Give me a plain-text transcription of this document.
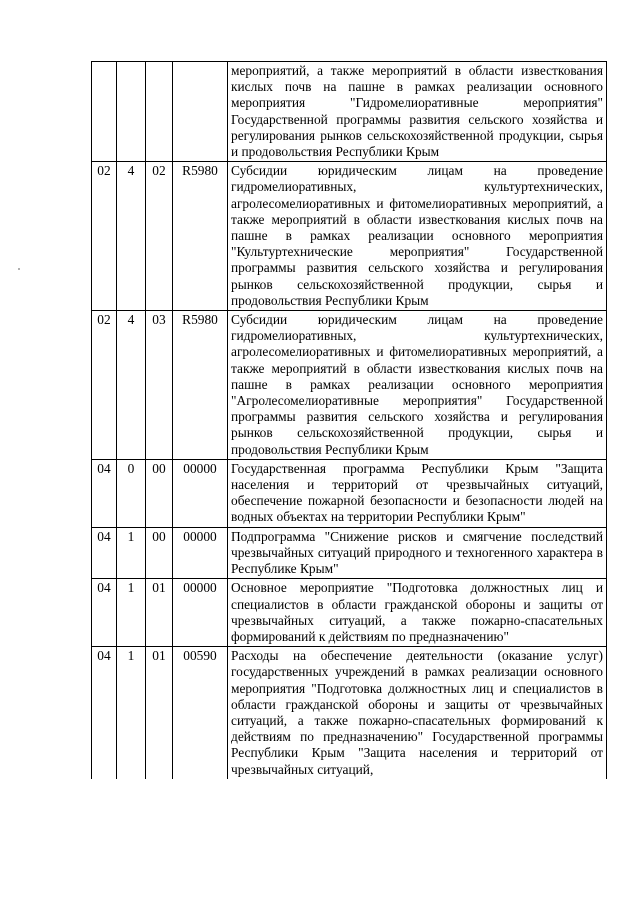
				мероприятий, а также мероприятий в области известкования кислых почв на пашне в рамках реализации основного мероприятия "Гидромелиоративные мероприятия" Государственной программы развития сельского хозяйства и регулирования рынков сельскохозяйственной продукции, сырья и продовольствия Республики Крым
02	4	02	R5980	Субсидии юридическим лицам на проведение гидромелиоративных, культуртехнических, агролесомелиоративных и фитомелиоративных мероприятий, а также мероприятий в области известкования кислых почв на пашне в рамках реализации основного мероприятия "Культуртехнические мероприятия" Государственной программы развития сельского хозяйства и регулирования рынков сельскохозяйственной продукции, сырья и продовольствия Республики Крым
02	4	03	R5980	Субсидии юридическим лицам на проведение гидромелиоративных, культуртехнических, агролесомелиоративных и фитомелиоративных мероприятий, а также мероприятий в области известкования кислых почв на пашне в рамках реализации основного мероприятия "Агролесомелиоративные мероприятия" Государственной программы развития сельского хозяйства и регулирования рынков сельскохозяйственной продукции, сырья и продовольствия Республики Крым
04	0	00	00000	Государственная программа Республики Крым "Защита населения и территорий от чрезвычайных ситуаций, обеспечение пожарной безопасности и безопасности людей на водных объектах на территории Республики Крым"
04	1	00	00000	Подпрограмма "Снижение рисков и смягчение последствий чрезвычайных ситуаций природного и техногенного характера в Республике Крым"
04	1	01	00000	Основное мероприятие "Подготовка должностных лиц и специалистов в области гражданской обороны и защиты от чрезвычайных ситуаций, а также пожарно-спасательных формирований к действиям по предназначению"
04	1	01	00590	Расходы на обеспечение деятельности (оказание услуг) государственных учреждений в рамках реализации основного мероприятия "Подготовка должностных лиц и специалистов в области гражданской обороны и защиты от чрезвычайных ситуаций, а также пожарно-спасательных формирований к действиям по предназначению" Государственной программы Республики Крым "Защита населения и территорий от чрезвычайных ситуаций,
